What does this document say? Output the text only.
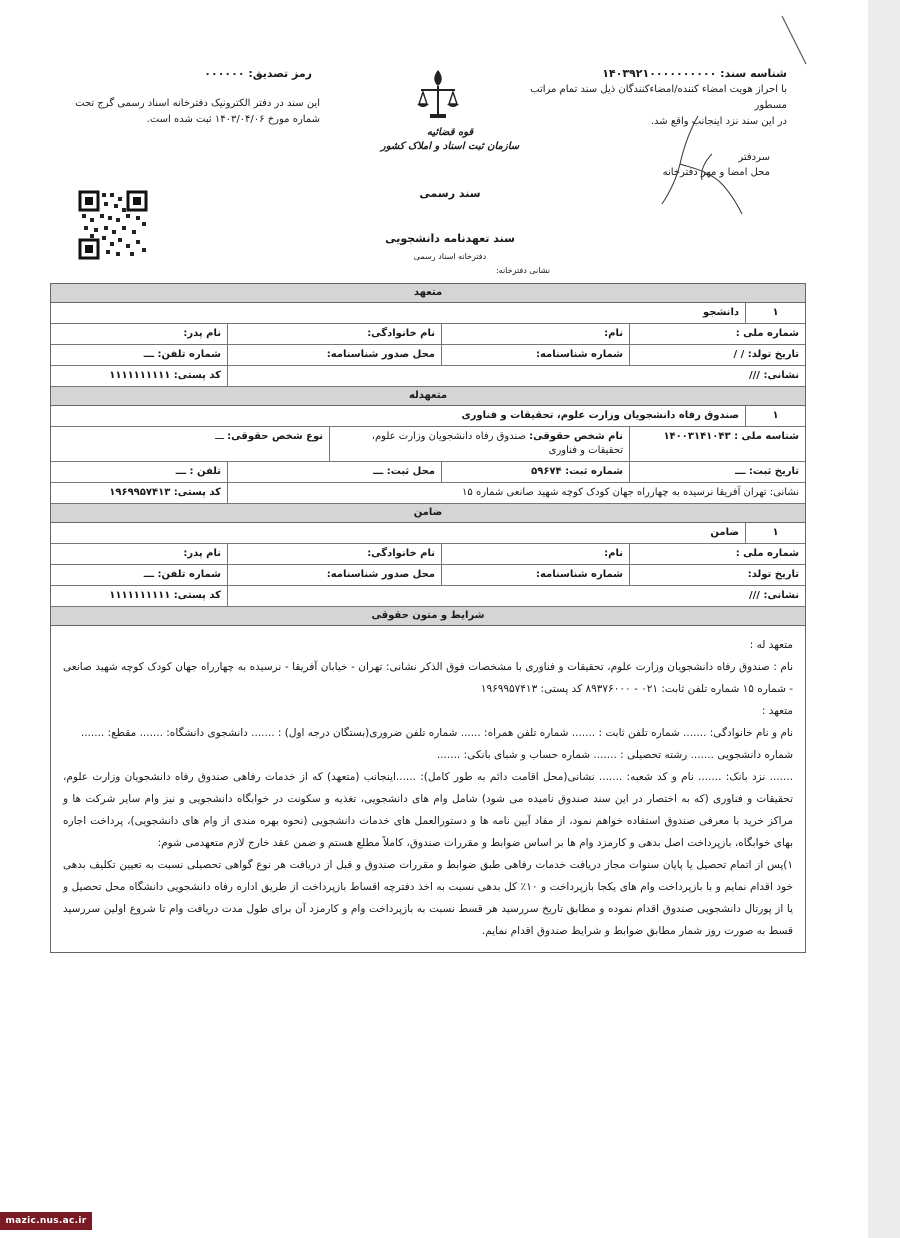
رمز تصدیق: ۰۰۰۰۰۰
این سند در دفتر الکترونیک دفترخانه اسناد رسمی گرج تحت
شماره مورخ ۱۴۰۳/۰۴/۰۶ ثبت شده است.
قوه قضائیه
سازمان ثبت اسناد و املاک کشور
شناسه سند: ۱۴۰۳۹۲۱۰۰۰۰۰۰۰۰۰۰
با احراز هویت امضاء کننده/امضاءکنندگان ذیل سند تمام مراتب مسطور
در این سند نزد اینجانب واقع شد.
سردفتر
محل امضا و مهر دفترخانه
سند رسمی
سند تعهدنامه دانشجویی
دفترخانه اسناد رسمی
نشانی دفترخانه:
متعهد
۱
دانشجو
شماره ملی :
نام:
نام خانوادگی:
نام پدر:
تاریخ تولد: / /
شماره شناسنامه:
محل صدور شناسنامه:
شماره تلفن: ـــ
نشانی: ///
کد پستی: ۱۱۱۱۱۱۱۱۱۱
متعهدله
۱
صندوق رفاه دانشجویان وزارت علوم، تحقیقات و فناوری
شناسه ملی : ۱۴۰۰۳۱۴۱۰۴۳
نام شخص حقوقی: صندوق رفاه دانشجویان وزارت علوم، تحقیقات و فناوری
نوع شخص حقوقی: ـــ
تاریخ ثبت: ـــ
شماره ثبت: ۵۹۶۷۴
محل ثبت: ـــ
تلفن : ـــ
نشانی: تهران آفریقا نرسیده به چهارراه جهان کودک کوچه شهید صانعی شماره ۱۵
کد پستی: ۱۹۶۹۹۵۷۴۱۳
ضامن
۱
ضامن
شماره ملی :
نام:
نام خانوادگی:
نام پدر:
تاریخ تولد:
شماره شناسنامه:
محل صدور شناسنامه:
شماره تلفن: ـــ
نشانی: ///
کد پستی: ۱۱۱۱۱۱۱۱۱۱
شرایط و متون حقوقی

متعهد له :

نام : صندوق رفاه دانشجویان وزارت علوم، تحقیقات و فناوری با مشخصات فوق الذکر نشانی: تهران - خیابان آفریقا - نرسیده به چهارراه جهان کودک کوچه شهید صانعی - شماره ۱۵ شماره تلفن ثابت: ۰۲۱ - ۸۹۳۷۶۰۰۰ کد پستی: ۱۹۶۹۹۵۷۴۱۳

متعهد :

نام و نام خانوادگی: ....... شماره تلفن ثابت : ....... شماره تلفن همراه: ...... شماره تلفن ضروری(بستگان درجه اول) : ....... دانشجوی دانشگاه: ....... مقطع: .......

شماره دانشجویی ....... رشته تحصیلی : ....... شماره حساب و شبای بانکی: .......

....... نزد بانک: ....... نام و کد شعبه: ....... نشانی(محل اقامت دائم به طور کامل): ......اینجانب (متعهد) که از خدمات رفاهی صندوق رفاه دانشجویان وزارت علوم، تحقیقات و فناوری (که به اختصار در این سند صندوق نامیده می شود) شامل وام های دانشجویی، تغذیه و سکونت در خوابگاه دانشجویی و نیز وام سایر شرکت ها و مراکز خرید با معرفی صندوق استفاده خواهم نمود، از مفاد آیین نامه ها و دستورالعمل های خدمات دانشجویی (نحوه بهره مندی از وام های دانشجویی)، پرداخت اجاره بهای خوابگاه، بازپرداخت اصل بدهی و کارمزد وام ها بر اساس ضوابط و مقررات صندوق، کاملاً مطلع هستم و ضمن عقد خارج لازم متعهدمی شوم:

۱)پس از اتمام تحصیل یا پایان سنوات مجاز دریافت خدمات رفاهی طبق ضوابط و مقررات صندوق و قبل از دریافت هر نوع گواهی تحصیلی نسبت به تعیین تکلیف بدهی خود اقدام نمایم و با بازپرداخت وام های یکجا بازپرداخت و ۱۰٪ کل بدهی نسبت به اخذ دفترچه اقساط بازپرداخت از طریق اداره رفاه دانشجویی دانشگاه محل تحصیل و یا از پورتال دانشجویی صندوق اقدام نموده و مطابق تاریخ سررسید هر قسط نسبت به بازپرداخت وام و کارمزد آن برای طول مدت دریافت وام تا شروع اولین سررسید قسط به صورت روز شمار مطابق ضوابط و شرایط صندوق اقدام نمایم.

mazic.nus.ac.ir
